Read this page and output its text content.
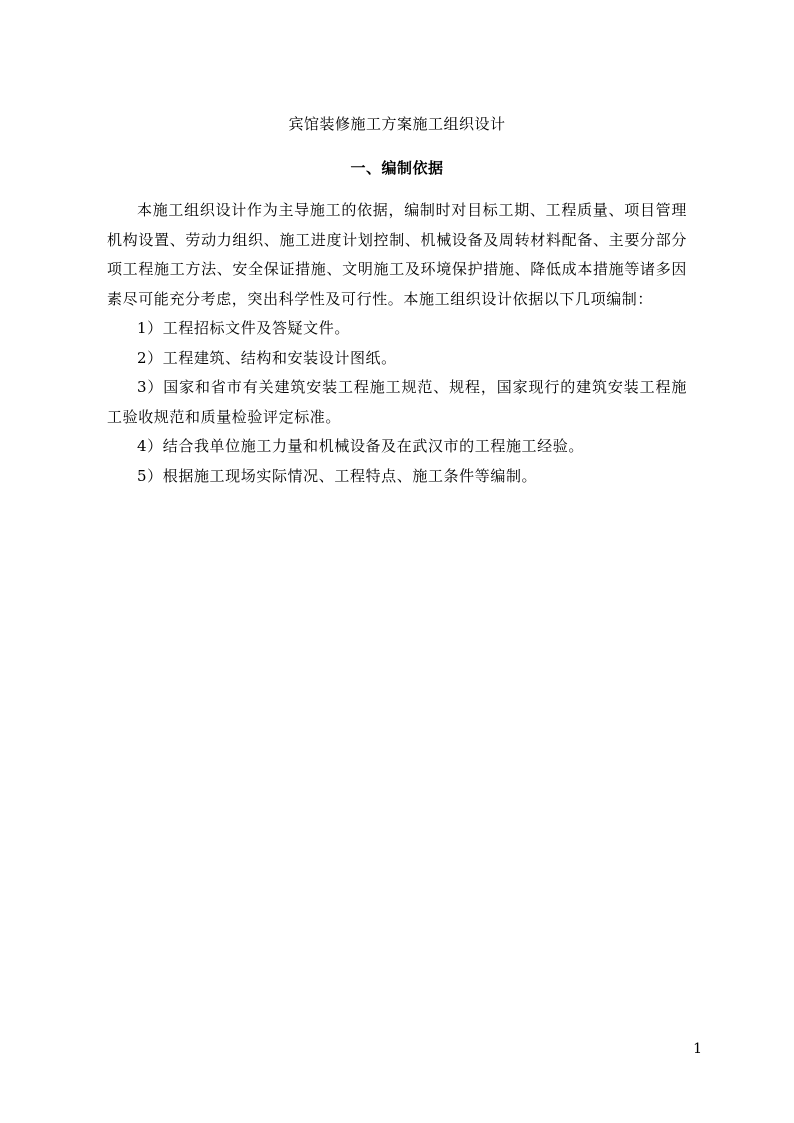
宾馆装修施工方案施工组织设计
一、编制依据

本施工组织设计作为主导施工的依据，编制时对目标工期、工程质量、项目管理机构设置、劳动力组织、施工进度计划控制、机械设备及周转材料配备、主要分部分项工程施工方法、安全保证措施、文明施工及环境保护措施、降低成本措施等诸多因素尽可能充分考虑，突出科学性及可行性。本施工组织设计依据以下几项编制：

1）工程招标文件及答疑文件。

2）工程建筑、结构和安装设计图纸。

3）国家和省市有关建筑安装工程施工规范、规程，国家现行的建筑安装工程施工验收规范和质量检验评定标准。

4）结合我单位施工力量和机械设备及在武汉市的工程施工经验。

5）根据施工现场实际情况、工程特点、施工条件等编制。

1
